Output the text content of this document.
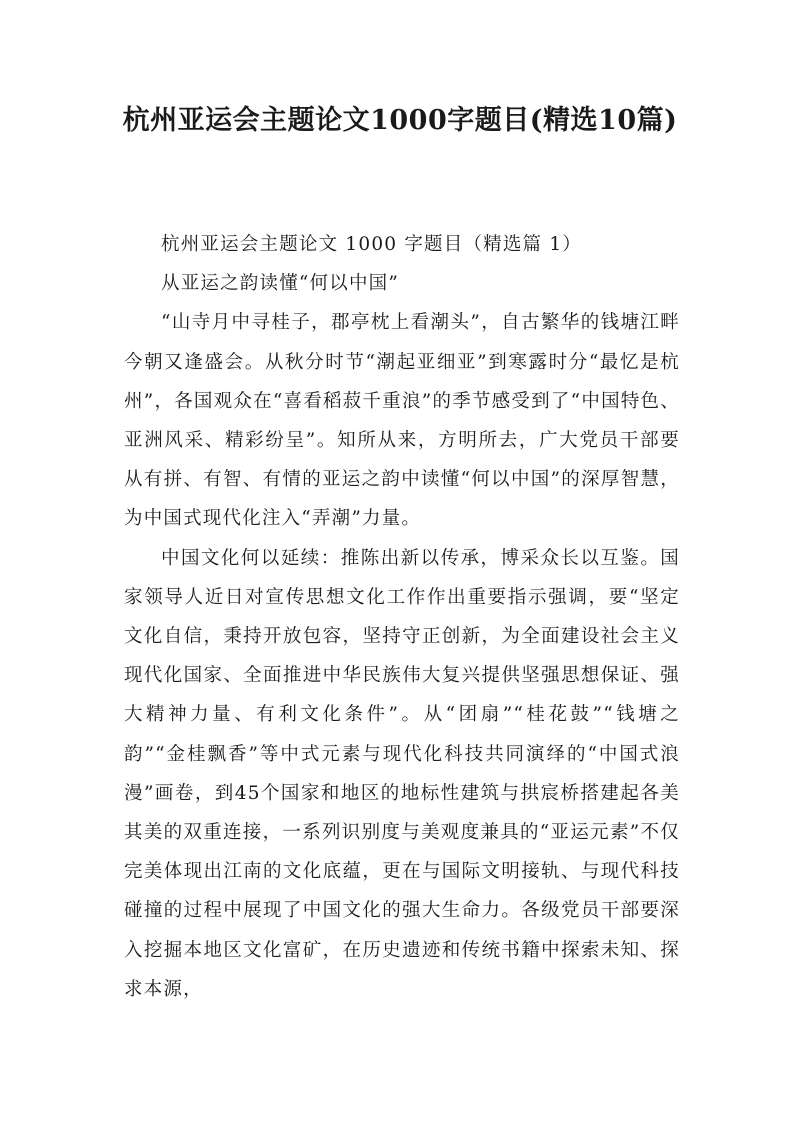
杭州亚运会主题论文1000字题目(精选10篇)

杭州亚运会主题论文 1000 字题目（精选篇 1）

从亚运之韵读懂“何以中国”

“山寺月中寻桂子，郡亭枕上看潮头”，自古繁华的钱塘江畔今朝又逢盛会。从秋分时节“潮起亚细亚”到寒露时分“最忆是杭州”，各国观众在“喜看稻菽千重浪”的季节感受到了“中国特色、亚洲风采、精彩纷呈”。知所从来，方明所去，广大党员干部要从有拼、有智、有情的亚运之韵中读懂“何以中国”的深厚智慧，为中国式现代化注入“弄潮”力量。

中国文化何以延续：推陈出新以传承，博采众长以互鉴。国家领导人近日对宣传思想文化工作作出重要指示强调，要“坚定文化自信，秉持开放包容，坚持守正创新，为全面建设社会主义现代化国家、全面推进中华民族伟大复兴提供坚强思想保证、强大精神力量、有利文化条件”。从“团扇”“桂花鼓”“钱塘之韵”“金桂飘香”等中式元素与现代化科技共同演绎的“中国式浪漫”画卷，到45个国家和地区的地标性建筑与拱宸桥搭建起各美其美的双重连接，一系列识别度与美观度兼具的“亚运元素”不仅完美体现出江南的文化底蕴，更在与国际文明接轨、与现代科技碰撞的过程中展现了中国文化的强大生命力。各级党员干部要深入挖掘本地区文化富矿，在历史遗迹和传统书籍中探索未知、探求本源，
